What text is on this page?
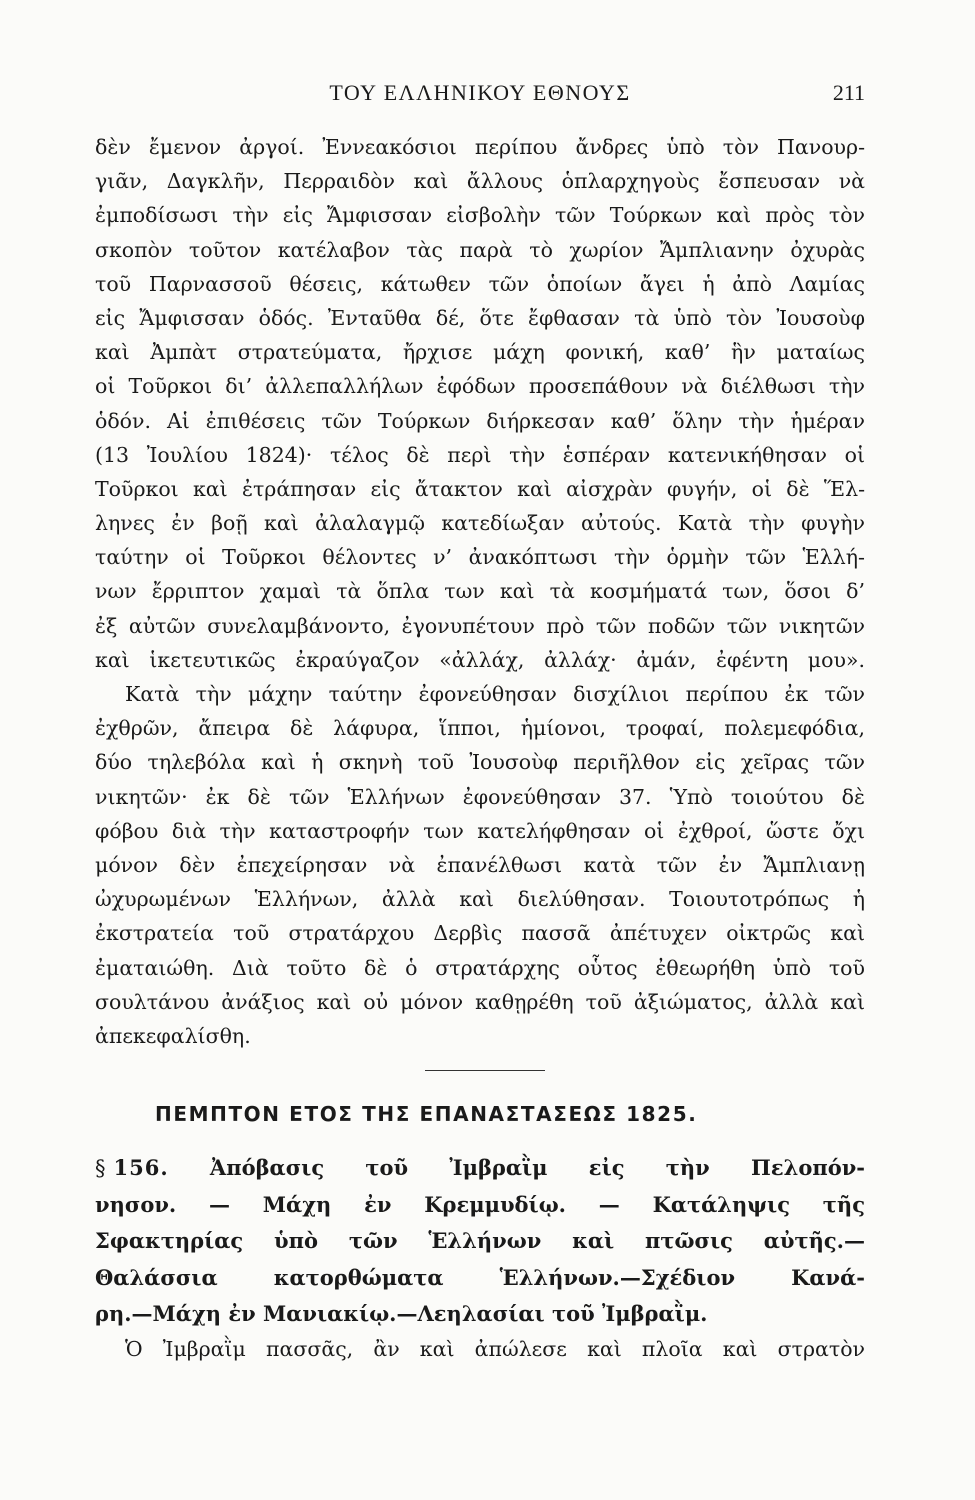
ΤΟΥ ΕΛΛΗΝΙΚΟΥ ΕΘΝΟΥΣ	211
δὲν ἔμενον ἀργοί. Ἐννεακόσιοι περίπου ἄνδρες ὑπὸ τὸν Πανουρ-
γιᾶν, Δαγκλῆν, Περραιδὸν καὶ ἄλλους ὁπλαρχηγοὺς ἔσπευσαν νὰ
ἐμποδίσωσι τὴν εἰς Ἄμφισσαν εἰσβολὴν τῶν Τούρκων καὶ πρὸς τὸν
σκοπὸν τοῦτον κατέλαβον τὰς παρὰ τὸ χωρίον Ἄμπλιανην ὀχυρὰς
τοῦ Παρνασσοῦ θέσεις, κάτωθεν τῶν ὁποίων ἄγει ἡ ἀπὸ Λαμίας
εἰς Ἄμφισσαν ὁδός. Ἐνταῦθα δέ, ὅτε ἔφθασαν τὰ ὑπὸ τὸν Ἰουσοὺφ
καὶ Ἀμπὰτ στρατεύματα, ἤρχισε μάχη φονική, καθ’ ἣν ματαίως
οἱ Τοῦρκοι δι’ ἀλλεπαλλήλων ἐφόδων προσεπάθουν νὰ διέλθωσι τὴν
ὁδόν. Αἱ ἐπιθέσεις τῶν Τούρκων διήρκεσαν καθ’ ὅλην τὴν ἡμέραν
(13 Ἰουλίου 1824)· τέλος δὲ περὶ τὴν ἑσπέραν κατενικήθησαν οἱ
Τοῦρκοι καὶ ἐτράπησαν εἰς ἄτακτον καὶ αἰσχρὰν φυγήν, οἱ δὲ Ἕλ-
ληνες ἐν βοῇ καὶ ἀλαλαγμῷ κατεδίωξαν αὐτούς. Κατὰ τὴν φυγὴν
ταύτην οἱ Τοῦρκοι θέλοντες ν’ ἀνακόπτωσι τὴν ὁρμὴν τῶν Ἑλλή-
νων ἔρριπτον χαμαὶ τὰ ὅπλα των καὶ τὰ κοσμήματά των, ὅσοι δ’
ἐξ αὐτῶν συνελαμβάνοντο, ἐγονυπέτουν πρὸ τῶν ποδῶν τῶν νικητῶν
καὶ ἱκετευτικῶς ἐκραύγαζον «ἀλλάχ, ἀλλάχ· ἀμάν, ἐφέντη μου».
Κατὰ τὴν μάχην ταύτην ἐφονεύθησαν δισχίλιοι περίπου ἐκ τῶν
ἐχθρῶν, ἄπειρα δὲ λάφυρα, ἵπποι, ἡμίονοι, τροφαί, πολεμεφόδια,
δύο τηλεβόλα καὶ ἡ σκηνὴ τοῦ Ἰουσοὺφ περιῆλθον εἰς χεῖρας τῶν
νικητῶν· ἐκ δὲ τῶν Ἑλλήνων ἐφονεύθησαν 37. Ὑπὸ τοιούτου δὲ
φόβου διὰ τὴν καταστροφήν των κατελήφθησαν οἱ ἐχθροί, ὥστε ὄχι
μόνον δὲν ἐπεχείρησαν νὰ ἐπανέλθωσι κατὰ τῶν ἐν Ἄμπλιανῃ
ὠχυρωμένων Ἑλλήνων, ἀλλὰ καὶ διελύθησαν. Τοιουτοτρόπως ἡ
ἐκστρατεία τοῦ στρατάρχου Δερβὶς πασσᾶ ἀπέτυχεν οἰκτρῶς καὶ
ἐματαιώθη. Διὰ τοῦτο δὲ ὁ στρατάρχης οὗτος ἐθεωρήθη ὑπὸ τοῦ
σουλτάνου ἀνάξιος καὶ οὐ μόνον καθῃρέθη τοῦ ἀξιώματος, ἀλλὰ καὶ
ἀπεκεφαλίσθη.
ΠΕΜΠΤΟΝ ΕΤΟΣ ΤΗΣ ΕΠΑΝΑΣΤΑΣΕΩΣ 1825.
§ 156. Ἀπόβασις τοῦ Ἰμβραῒμ εἰς τὴν Πελοπόν-
νησον. — Μάχη ἐν Κρεμμυδίῳ. — Κατάληψις τῆς
Σφακτηρίας ὑπὸ τῶν Ἑλλήνων καὶ πτῶσις αὐτῆς.—
Θαλάσσια κατορθώματα Ἑλλήνων.—Σχέδιον Κανά-
ρη.—Μάχη ἐν Μανιακίῳ.—Λεηλασίαι τοῦ Ἰμβραῒμ.
Ὁ Ἰμβραῒμ πασσᾶς, ἂν καὶ ἀπώλεσε καὶ πλοῖα καὶ στρατὸν
